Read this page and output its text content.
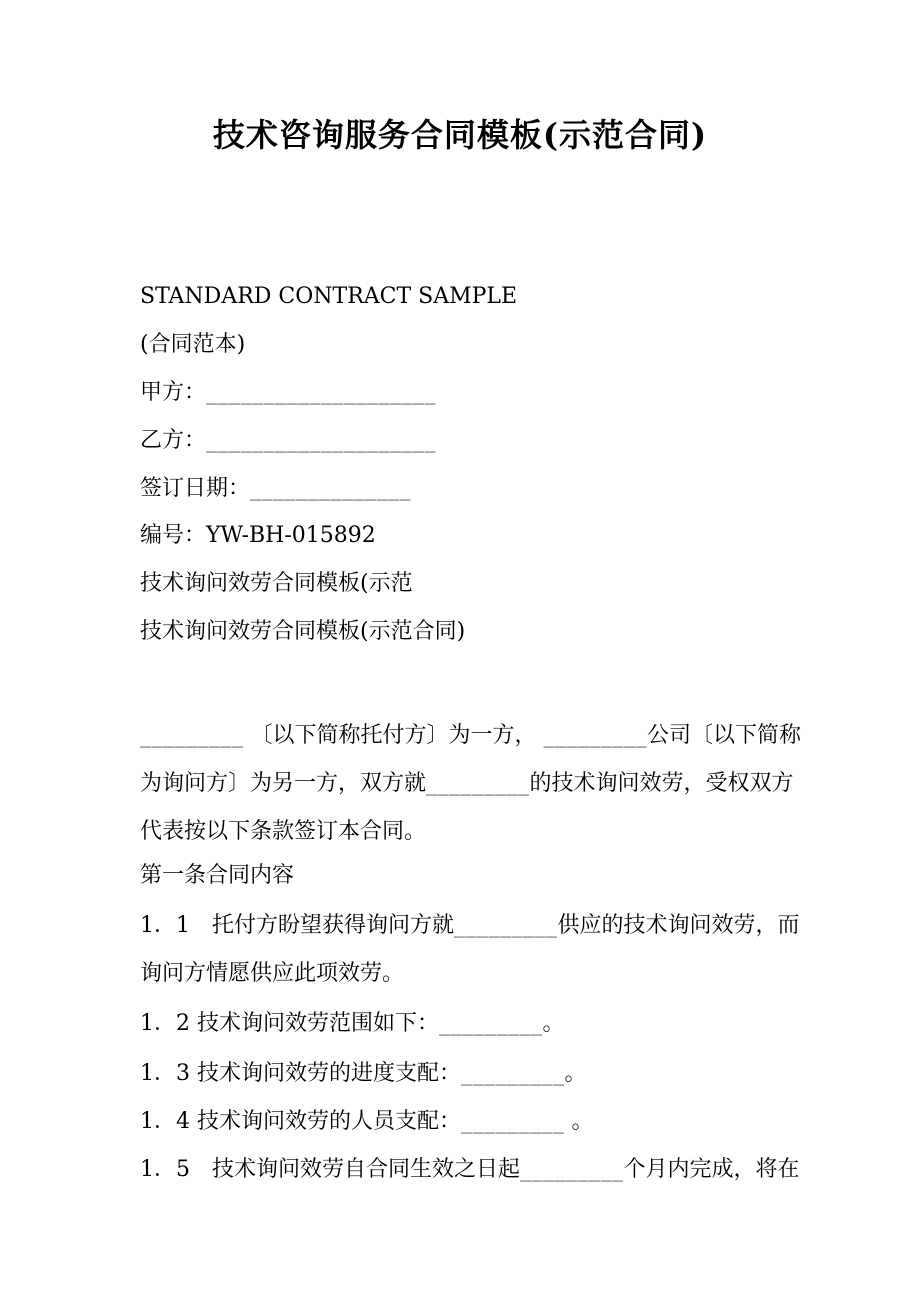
技术咨询服务合同模板(示范合同)
STANDARD CONTRACT SAMPLE
(合同范本)
甲方：____________________
乙方：____________________
签订日期：______________
编号：YW-BH-015892
技术询问效劳合同模板(示范
技术询问效劳合同模板(示范合同)
_________ 〔以下简称托付方〕为一方， _________公司〔以下简称
为询问方〕为另一方，双方就_________的技术询问效劳，受权双方
代表按以下条款签订本合同。
第一条合同内容
1．1　托付方盼望获得询问方就_________供应的技术询问效劳，而
询问方情愿供应此项效劳。
1．2 技术询问效劳范围如下：_________。
1．3 技术询问效劳的进度支配：_________。
1．4 技术询问效劳的人员支配：_________ 。
1．5　技术询问效劳自合同生效之日起_________个月内完成，将在
